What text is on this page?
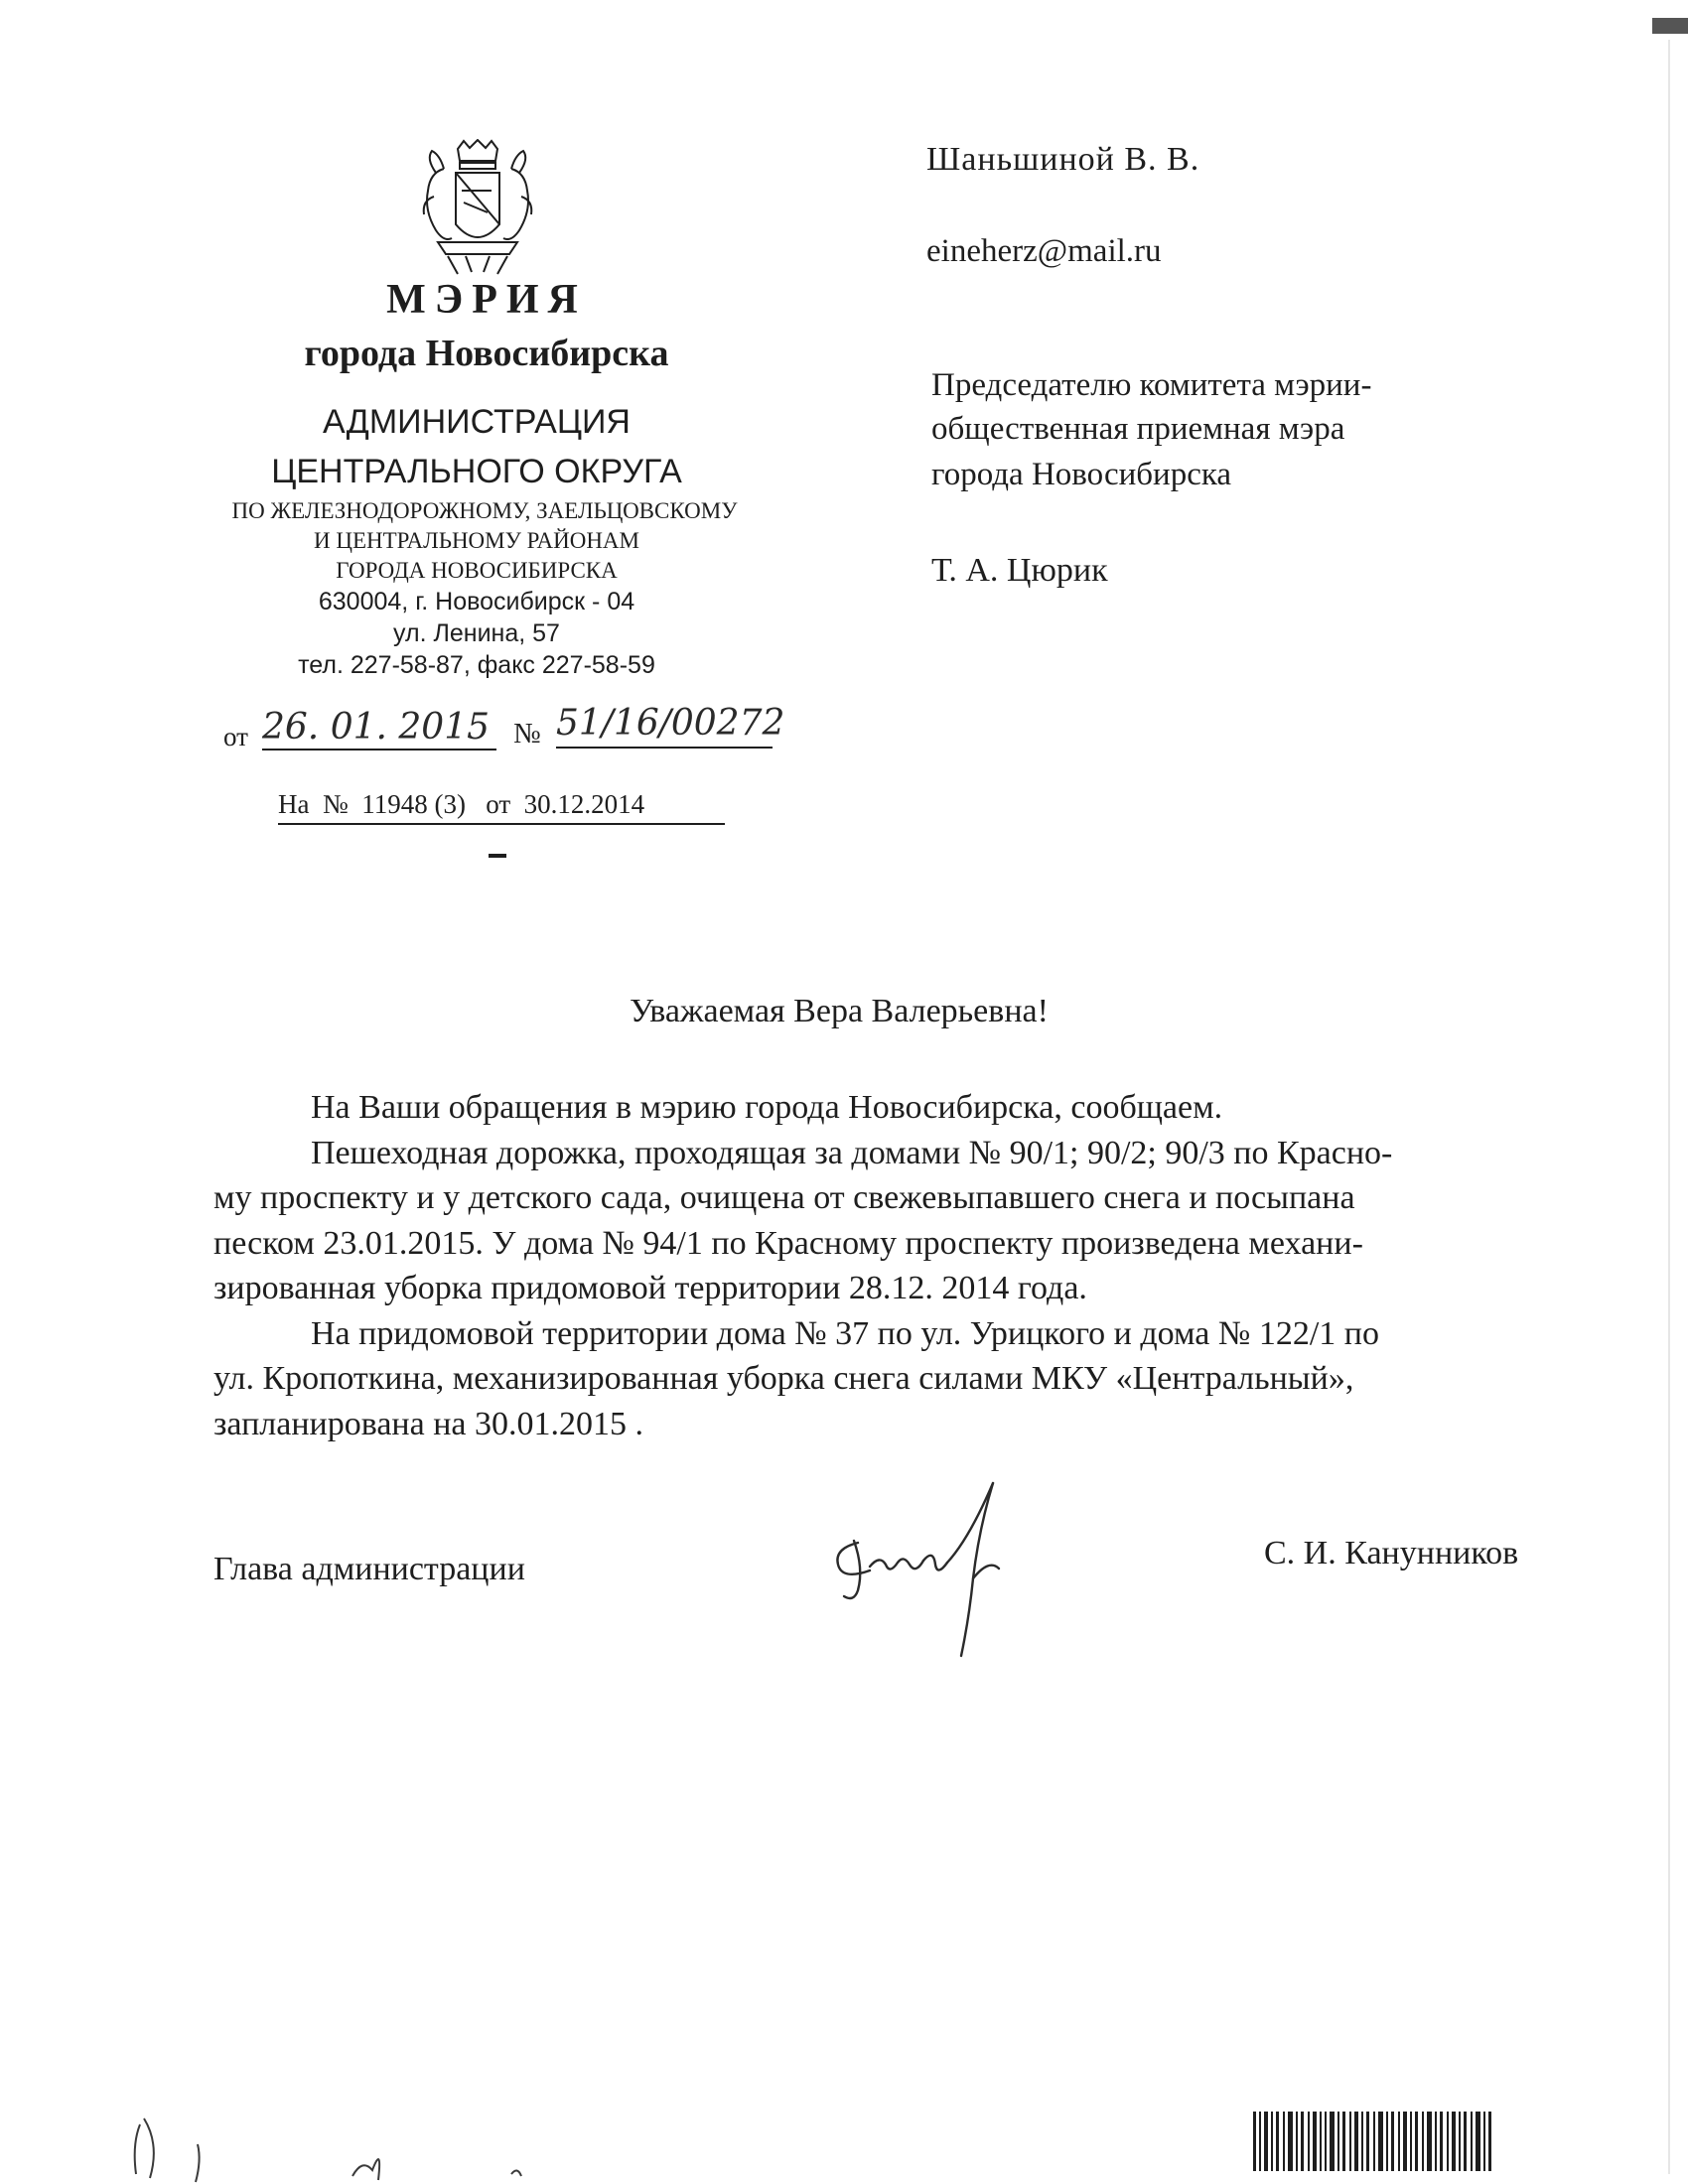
МЭРИЯ
города Новосибирска
АДМИНИСТРАЦИЯ
ЦЕНТРАЛЬНОГО ОКРУГА
ПО ЖЕЛЕЗНОДОРОЖНОМУ, ЗАЕЛЬЦОВСКОМУ
И ЦЕНТРАЛЬНОМУ РАЙОНАМ
ГОРОДА НОВОСИБИРСКА
630004, г. Новосибирск - 04
ул. Ленина, 57
тел. 227-58-87, факс 227-58-59
от 26. 01. 2015 № 51/16/00272
На  №  11948 (3)   от  30.12.2014
Шаньшиной В. В.
eineherz@mail.ru
Председателю комитета мэрии-
общественная приемная мэра
города Новосибирска
Т. А. Цюрик
Уважаемая Вера Валерьевна!
На Ваши обращения в мэрию города Новосибирска, сообщаем.
Пешеходная дорожка, проходящая за домами № 90/1; 90/2; 90/3 по Красно-
му проспекту и у детского сада, очищена от свежевыпавшего снега и посыпана
песком 23.01.2015. У дома № 94/1 по Красному проспекту произведена механи-
зированная уборка придомовой территории 28.12. 2014 года.
На придомовой территории дома № 37 по ул. Урицкого и дома № 122/1 по
ул. Кропоткина, механизированная уборка снега силами МКУ «Центральный»,
запланирована на 30.01.2015 .
Глава администрации	С. И. Канунников
